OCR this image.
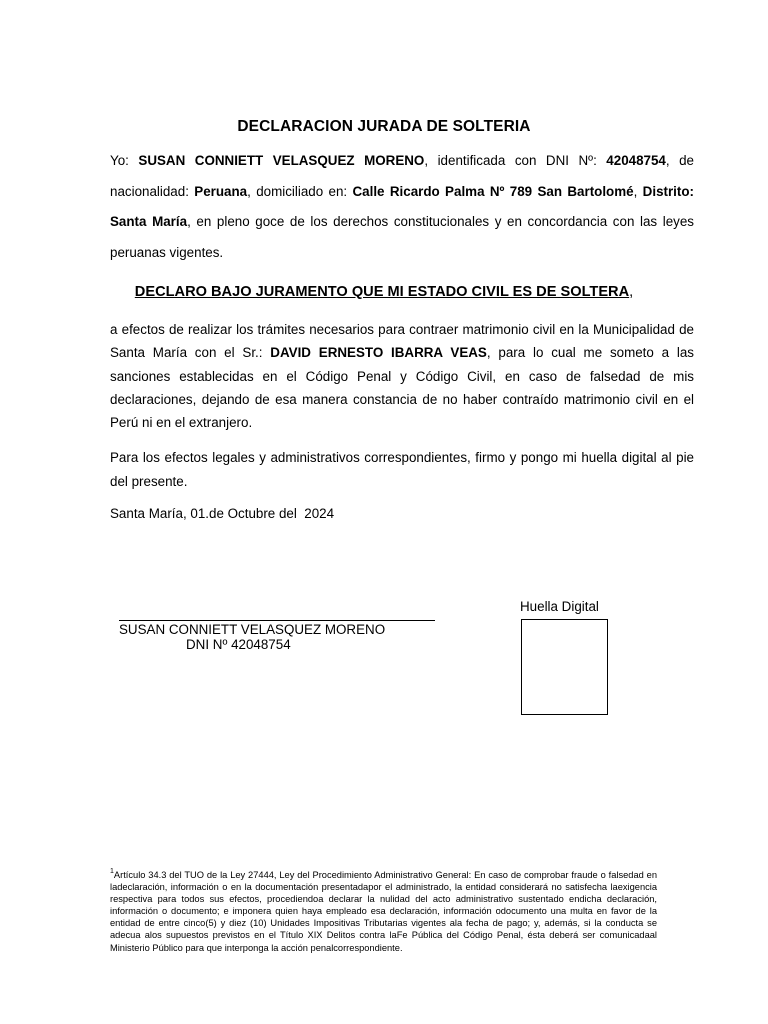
DECLARACION JURADA DE SOLTERIA
Yo: SUSAN CONNIETT VELASQUEZ MORENO, identificada con DNI Nº: 42048754, de nacionalidad: Peruana, domiciliado en: Calle Ricardo Palma Nº 789 San Bartolomé, Distrito: Santa María, en pleno goce de los derechos constitucionales y en concordancia con las leyes peruanas vigentes.
DECLARO BAJO JURAMENTO QUE MI ESTADO CIVIL ES DE SOLTERA,
a efectos de realizar los trámites necesarios para contraer matrimonio civil en la Municipalidad de Santa María con el Sr.: DAVID ERNESTO IBARRA VEAS, para lo cual me someto a las sanciones establecidas en el Código Penal y Código Civil, en caso de falsedad de mis declaraciones, dejando de esa manera constancia de no haber contraído matrimonio civil en el Perú ni en el extranjero.
Para los efectos legales y administrativos correspondientes, firmo y pongo mi huella digital al pie del presente.
Santa María, 01.de Octubre del  2024
SUSAN CONNIETT VELASQUEZ MORENO
DNI Nº 42048754
Huella Digital
$^1$Artículo 34.3 del TUO de la Ley 27444, Ley del Procedimiento Administrativo General: En caso de comprobar fraude o falsedad en ladeclaración, información o en la documentación presentadapor el administrado, la entidad considerará no satisfecha laexigencia respectiva para todos sus efectos, procediendoa declarar la nulidad del acto administrativo sustentado endicha declaración, información o documento; e imponera quien haya empleado esa declaración, información odocumento una multa en favor de la entidad de entre cinco(5) y diez (10) Unidades Impositivas Tributarias vigentes ala fecha de pago; y, además, si la conducta se adecua alos supuestos previstos en el Título XIX Delitos contra laFe Pública del Código Penal, ésta deberá ser comunicadaal Ministerio Público para que interponga la acción penalcorrespondiente.
